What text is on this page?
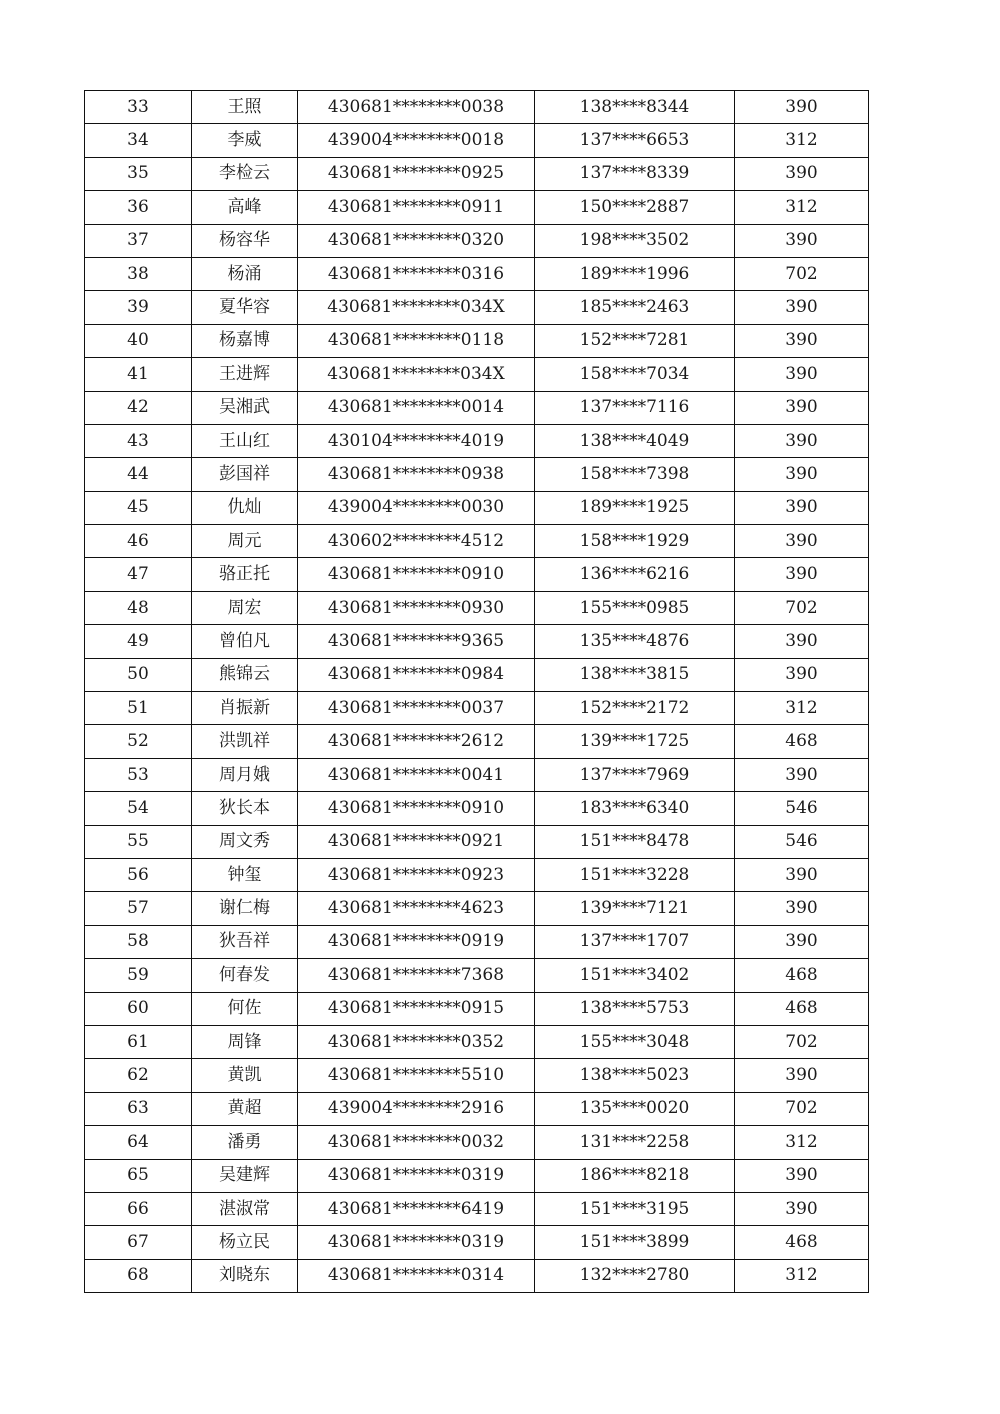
33	王照	430681********0038	138****8344	390
34	李威	439004********0018	137****6653	312
35	李检云	430681********0925	137****8339	390
36	高峰	430681********0911	150****2887	312
37	杨容华	430681********0320	198****3502	390
38	杨涌	430681********0316	189****1996	702
39	夏华容	430681********034X	185****2463	390
40	杨嘉博	430681********0118	152****7281	390
41	王进辉	430681********034X	158****7034	390
42	吴湘武	430681********0014	137****7116	390
43	王山红	430104********4019	138****4049	390
44	彭国祥	430681********0938	158****7398	390
45	仇灿	439004********0030	189****1925	390
46	周元	430602********4512	158****1929	390
47	骆正托	430681********0910	136****6216	390
48	周宏	430681********0930	155****0985	702
49	曾伯凡	430681********9365	135****4876	390
50	熊锦云	430681********0984	138****3815	390
51	肖振新	430681********0037	152****2172	312
52	洪凯祥	430681********2612	139****1725	468
53	周月娥	430681********0041	137****7969	390
54	狄长本	430681********0910	183****6340	546
55	周文秀	430681********0921	151****8478	546
56	钟玺	430681********0923	151****3228	390
57	谢仁梅	430681********4623	139****7121	390
58	狄吾祥	430681********0919	137****1707	390
59	何春发	430681********7368	151****3402	468
60	何佐	430681********0915	138****5753	468
61	周锋	430681********0352	155****3048	702
62	黄凯	430681********5510	138****5023	390
63	黄超	439004********2916	135****0020	702
64	潘勇	430681********0032	131****2258	312
65	吴建辉	430681********0319	186****8218	390
66	湛淑常	430681********6419	151****3195	390
67	杨立民	430681********0319	151****3899	468
68	刘晓东	430681********0314	132****2780	312
